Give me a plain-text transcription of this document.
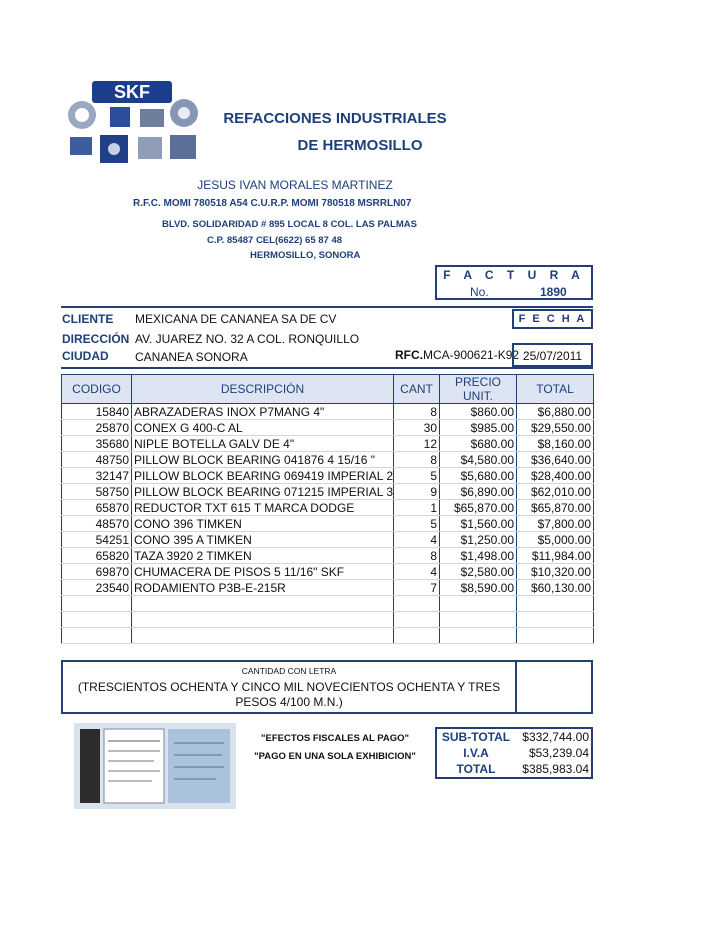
SKF
REFACCIONES INDUSTRIALES
DE HERMOSILLO
JESUS IVAN MORALES MARTINEZ
R.F.C. MOMI 780518 A54 C.U.R.P. MOMI 780518 MSRRLN07
BLVD. SOLIDARIDAD # 895 LOCAL 8 COL. LAS PALMAS
C.P. 85487 CEL(6622) 65 87 48
HERMOSILLO, SONORA
F A C T U R A
No.	1890
CLIENTE MEXICANA DE CANANEA SA DE CV	F E C H A
DIRECCIÓN AV. JUAREZ NO. 32 A COL. RONQUILLO
CIUDAD CANANEA SONORA	RFC.MCA-900621-K92 25/07/2011
CODIGO	DESCRIPCIÓN	CANT	PRECIO UNIT.	TOTAL
15840	ABRAZADERAS INOX P7MANG 4"	8	$860.00	$6,880.00
25870	CONEX G 400-C AL	30	$985.00	$29,550.00
35680	NIPLE BOTELLA GALV DE 4"	12	$680.00	$8,160.00
48750	PILLOW BLOCK BEARING 041876 4 15/16 "	8	$4,580.00	$36,640.00
32147	PILLOW BLOCK BEARING 069419 IMPERIAL 2	5	$5,680.00	$28,400.00
58750	PILLOW BLOCK BEARING 071215 IMPERIAL 3	9	$6,890.00	$62,010.00
65870	REDUCTOR TXT 615 T MARCA DODGE	1	$65,870.00	$65,870.00
48570	CONO 396 TIMKEN	5	$1,560.00	$7,800.00
54251	CONO 395 A TIMKEN	4	$1,250.00	$5,000.00
65820	TAZA 3920 2 TIMKEN	8	$1,498.00	$11,984.00
69870	CHUMACERA DE PISOS 5 11/16" SKF	4	$2,580.00	$10,320.00
23540	RODAMIENTO P3B-E-215R	7	$8,590.00	$60,130.00

CANTIDAD CON LETRA
(TRESCIENTOS OCHENTA Y CINCO MIL NOVECIENTOS OCHENTA Y TRES
PESOS 4/100 M.N.)
"EFECTOS FISCALES AL PAGO"
"PAGO EN UNA SOLA EXHIBICION"
SUB-TOTAL	$332,744.00
I.V.A	$53,239.04
TOTAL	$385,983.04
